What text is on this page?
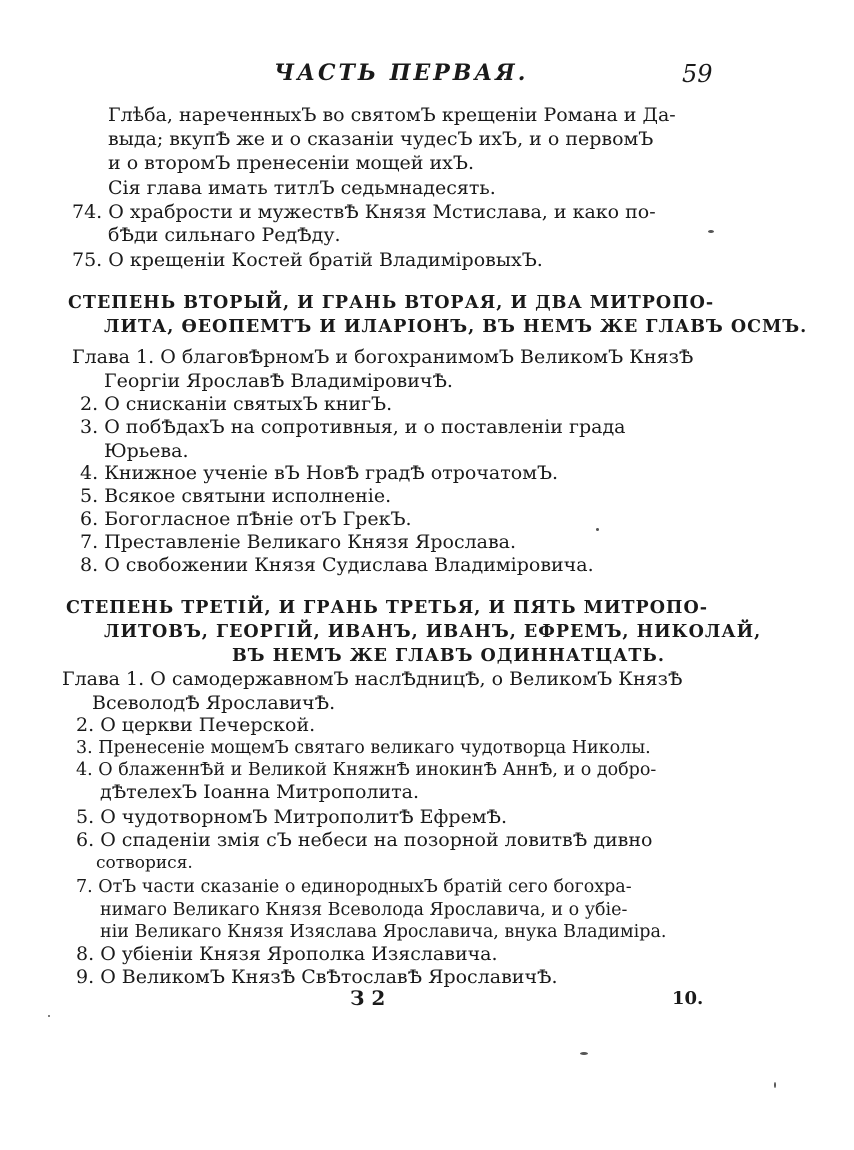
ЧАСТЬ ПЕРВАЯ.	59
Глѣба, нареченныхЪ во святомЪ крещенiи Романа и Да-
выда; вкупѢ же и о сказанiи чудесЪ ихЪ, и о первомЪ
и о второмЪ пренесенiи мощей ихЪ.
Сiя глава имать титлЪ седьмнадесять.
74. О храбрости и мужествѢ Князя Мстислава, и како по-
бѢди сильнаго РедѢду.
75. О крещенiи Костей братiй ВладимiровыхЪ.
СТЕПЕНЬ ВТОРЫЙ, И ГРАНЬ ВТОРАЯ, И ДВА МИТРОПО-
ЛИТА, ѲЕОПЕМТЪ И ИЛАРIОНЪ, ВЪ НЕМЪ ЖЕ ГЛАВЪ ОСМЪ.
Глава 1. О благовѢрномЪ и богохранимомЪ ВеликомЪ КнязѢ
Георгiи ЯрославѢ ВладимiровичѢ.
2. О снисканiи святыхЪ книгЪ.
3. О побѢдахЪ на сопротивныя, и о поставленiи града
Юрьева.
4. Книжное ученiе вЪ НовѢ градѢ отрочатомЪ.
5. Всякое святыни исполненiе.
6. Богогласное пѢнiе отЪ ГрекЪ.
7. Преставленiе Великаго Князя Ярослава.
8. О свобожении Князя Судислава Владимiровича.
СТЕПЕНЬ ТРЕТIЙ, И ГРАНЬ ТРЕТЬЯ, И ПЯТЬ МИТРОПО-
ЛИТОВЪ, ГЕОРГIЙ, ИВАНЪ, ИВАНЪ, ЕФРЕМЪ, НИКОЛАЙ,
ВЪ НЕМЪ ЖЕ ГЛАВЪ ОДИННАТЦАТЬ.
Глава 1. О самодержавномЪ наслѢдницѢ, о ВеликомЪ КнязѢ
ВсеволодѢ ЯрославичѢ.
2. О церкви Печерской.
3. Пренесенiе мощемЪ святаго великаго чудотворца Николы.
4. О блаженнѢй и Великой КняжнѢ инокинѢ АннѢ, и о добро-
дѢтелехЪ Iоанна Митрополита.
5. О чудотворномЪ МитрополитѢ ЕфремѢ.
6. О спаденiи змiя сЪ небеси на позорной ловитвѢ дивно
сотворися.
7. ОтЪ части сказанiе о единородныхЪ братiй сего богохра-
нимаго Великаго Князя Всеволода Ярославича, и о убiе-
нiи Великаго Князя Изяслава Ярославича, внука Владимiра.
8. О убiенiи Князя Ярополка Изяславича.
9. О ВеликомЪ КнязѢ СвѢтославѢ ЯрославичѢ.
З 2	10.
